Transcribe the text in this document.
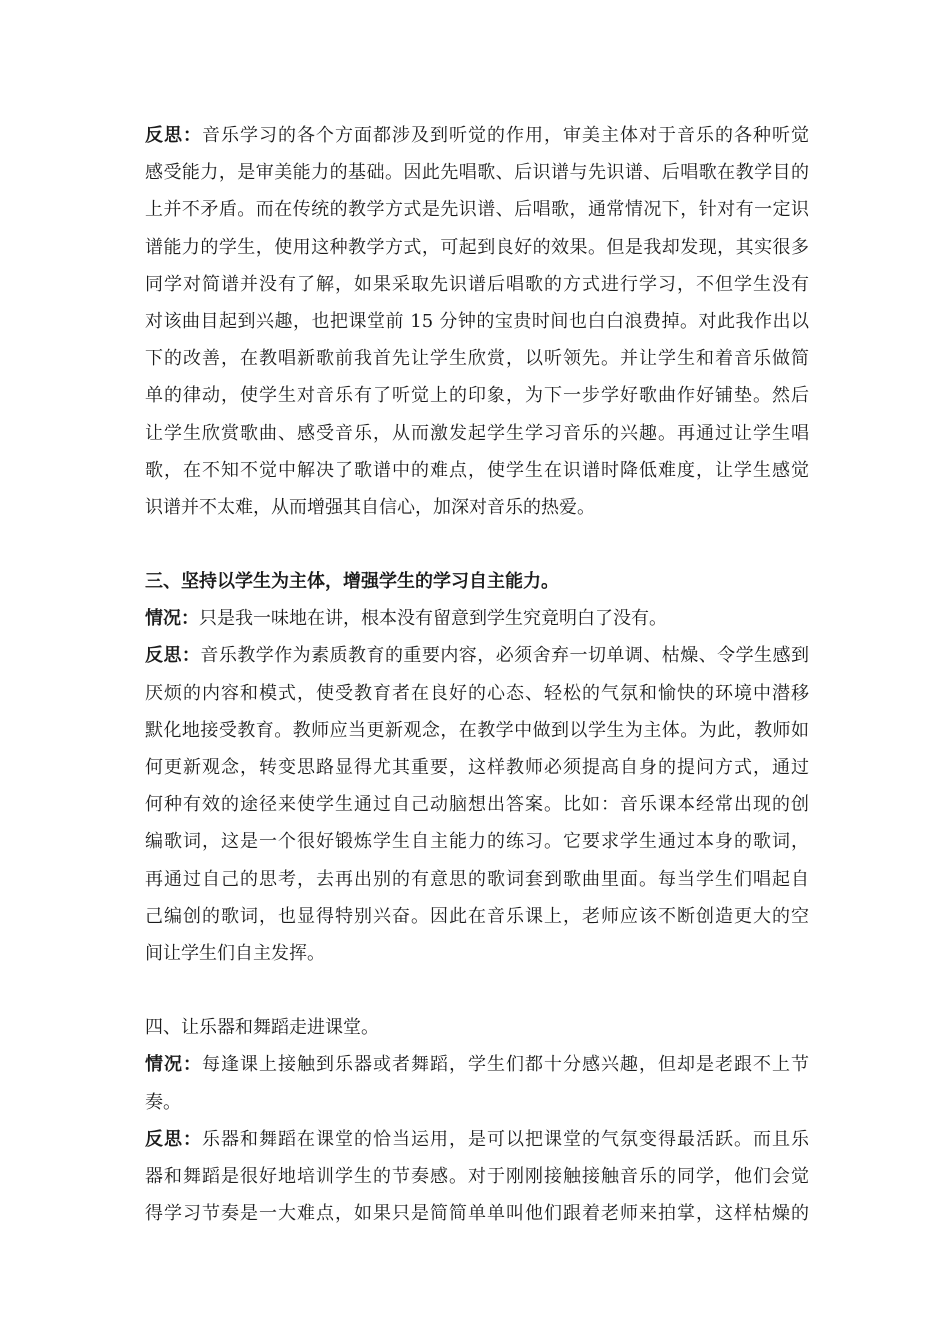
反思：音乐学习的各个方面都涉及到听觉的作用，审美主体对于音乐的各种听觉
感受能力，是审美能力的基础。因此先唱歌、后识谱与先识谱、后唱歌在教学目的
上并不矛盾。而在传统的教学方式是先识谱、后唱歌，通常情况下，针对有一定识
谱能力的学生，使用这种教学方式，可起到良好的效果。但是我却发现，其实很多
同学对简谱并没有了解，如果采取先识谱后唱歌的方式进行学习，不但学生没有
对该曲目起到兴趣，也把课堂前 15 分钟的宝贵时间也白白浪费掉。对此我作出以
下的改善，在教唱新歌前我首先让学生欣赏，以听领先。并让学生和着音乐做简
单的律动，使学生对音乐有了听觉上的印象，为下一步学好歌曲作好铺垫。然后
让学生欣赏歌曲、感受音乐，从而激发起学生学习音乐的兴趣。再通过让学生唱
歌，在不知不觉中解决了歌谱中的难点，使学生在识谱时降低难度，让学生感觉
识谱并不太难，从而增强其自信心，加深对音乐的热爱。
三、坚持以学生为主体，增强学生的学习自主能力。
情况：只是我一味地在讲，根本没有留意到学生究竟明白了没有。
反思：音乐教学作为素质教育的重要内容，必须舍弃一切单调、枯燥、令学生感到
厌烦的内容和模式，使受教育者在良好的心态、轻松的气氛和愉快的环境中潜移
默化地接受教育。教师应当更新观念，在教学中做到以学生为主体。为此，教师如
何更新观念，转变思路显得尤其重要，这样教师必须提高自身的提问方式，通过
何种有效的途径来使学生通过自己动脑想出答案。比如：音乐课本经常出现的创
编歌词，这是一个很好锻炼学生自主能力的练习。它要求学生通过本身的歌词，
再通过自己的思考，去再出别的有意思的歌词套到歌曲里面。每当学生们唱起自
己编创的歌词，也显得特别兴奋。因此在音乐课上，老师应该不断创造更大的空
间让学生们自主发挥。
四、让乐器和舞蹈走进课堂。
情况：每逢课上接触到乐器或者舞蹈，学生们都十分感兴趣，但却是老跟不上节
奏。
反思：乐器和舞蹈在课堂的恰当运用，是可以把课堂的气氛变得最活跃。而且乐
器和舞蹈是很好地培训学生的节奏感。对于刚刚接触接触音乐的同学，他们会觉
得学习节奏是一大难点，如果只是简简单单叫他们跟着老师来拍掌，这样枯燥的
